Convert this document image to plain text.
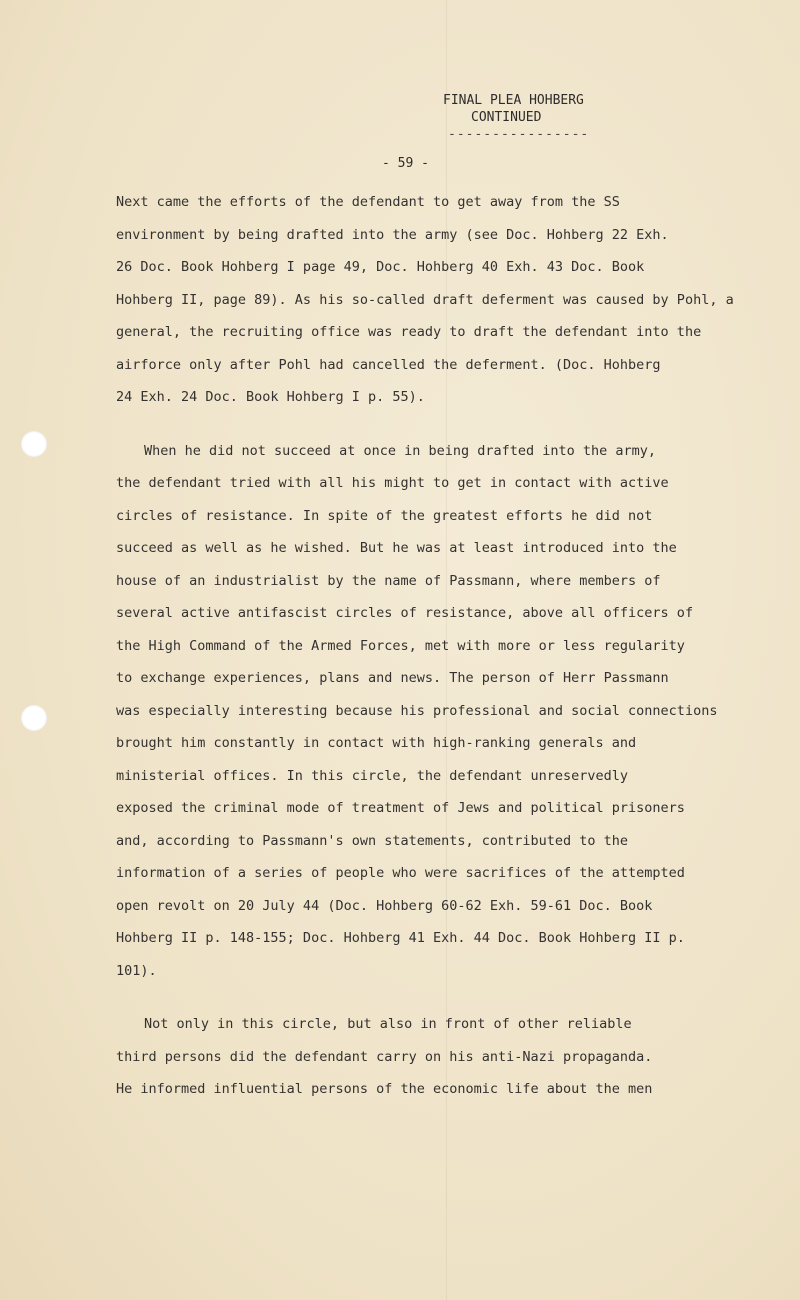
FINAL PLEA HOHBERG
CONTINUED
----------------
- 59 -

Next came the efforts of the defendant to get away from the SS
environment by being drafted into the army (see Doc. Hohberg 22 Exh.
26 Doc. Book Hohberg I page 49, Doc. Hohberg 40 Exh. 43 Doc. Book
Hohberg II, page 89). As his so-called draft deferment was caused by Pohl, a
general, the recruiting office was ready to draft the defendant into the
airforce only after Pohl had cancelled the deferment. (Doc. Hohberg
24 Exh. 24 Doc. Book Hohberg I p. 55).

When he did not succeed at once in being drafted into the army,
the defendant tried with all his might to get in contact with active
circles of resistance. In spite of the greatest efforts he did not
succeed as well as he wished. But he was at least introduced into the
house of an industrialist by the name of Passmann, where members of
several active antifascist circles of resistance, above all officers of
the High Command of the Armed Forces, met with more or less regularity
to exchange experiences, plans and news. The person of Herr Passmann
was especially interesting because his professional and social connections
brought him constantly in contact with high-ranking generals and
ministerial offices. In this circle, the defendant unreservedly
exposed the criminal mode of treatment of Jews and political prisoners
and, according to Passmann's own statements, contributed to the
information of a series of people who were sacrifices of the attempted
open revolt on 20 July 44 (Doc. Hohberg 60-62 Exh. 59-61 Doc. Book
Hohberg II p. 148-155; Doc. Hohberg 41 Exh. 44 Doc. Book Hohberg II p.
101).

Not only in this circle, but also in front of other reliable
third persons did the defendant carry on his anti-Nazi propaganda.
He informed influential persons of the economic life about the men
